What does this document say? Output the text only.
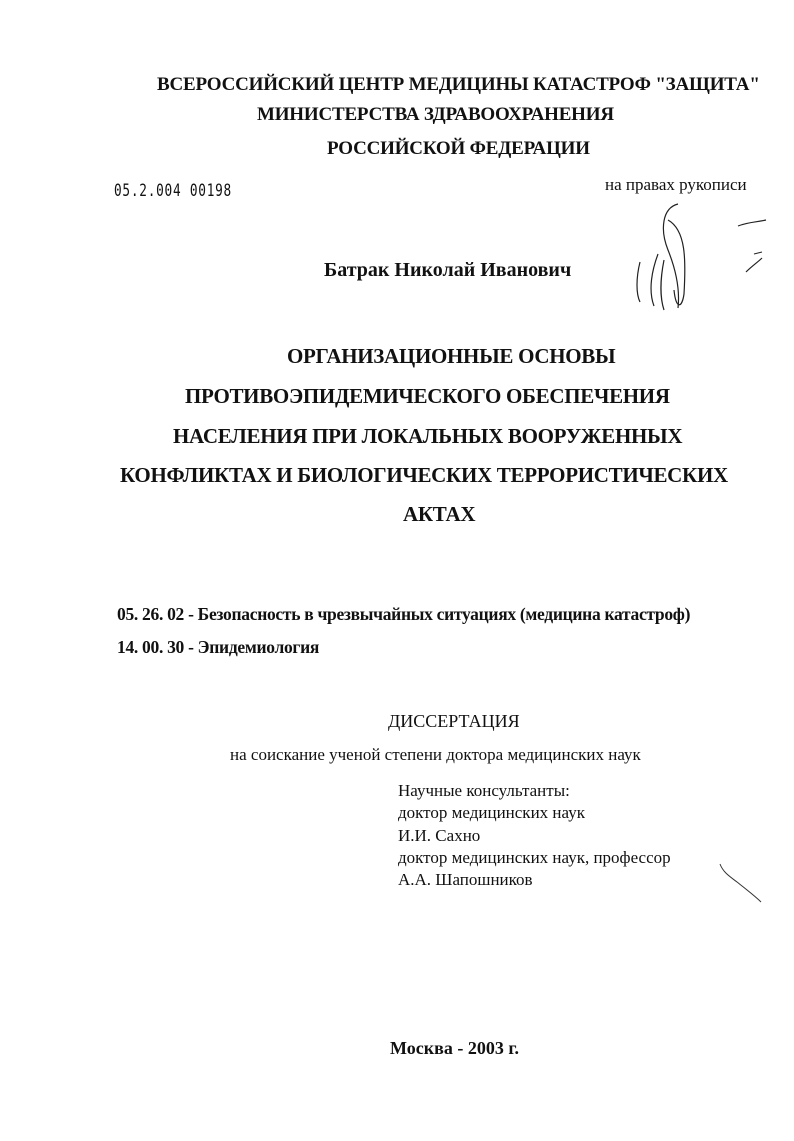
ВСЕРОССИЙСКИЙ ЦЕНТР МЕДИЦИНЫ КАТАСТРОФ "ЗАЩИТА"
МИНИСТЕРСТВА ЗДРАВООХРАНЕНИЯ
РОССИЙСКОЙ ФЕДЕРАЦИИ
05.2.004 00198	на правах рукописи
Батрак Николай Иванович
ОРГАНИЗАЦИОННЫЕ ОСНОВЫ
ПРОТИВОЭПИДЕМИЧЕСКОГО ОБЕСПЕЧЕНИЯ
НАСЕЛЕНИЯ ПРИ ЛОКАЛЬНЫХ ВООРУЖЕННЫХ
КОНФЛИКТАХ И БИОЛОГИЧЕСКИХ ТЕРРОРИСТИЧЕСКИХ
АКТАХ
05. 26. 02 - Безопасность в чрезвычайных ситуациях (медицина катастроф)
14. 00. 30 - Эпидемиология
ДИССЕРТАЦИЯ
на соискание ученой степени доктора медицинских наук
Научные консультанты:
доктор медицинских наук
И.И. Сахно
доктор медицинских наук, профессор
А.А. Шапошников
Москва - 2003 г.
